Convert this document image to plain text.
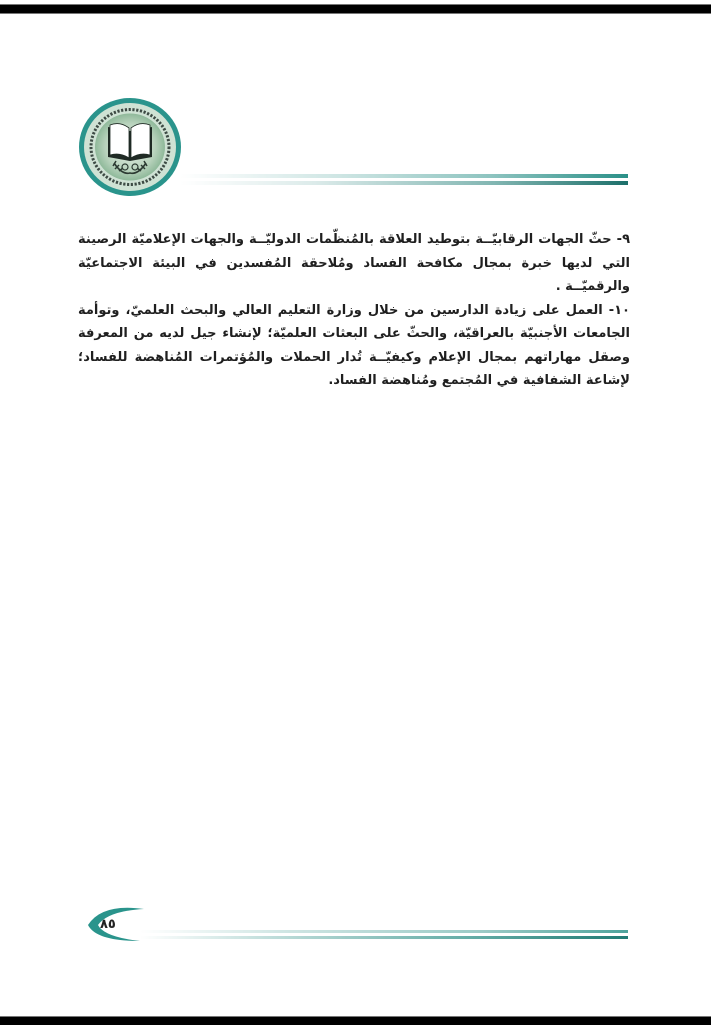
٩- حثّ الجهات الرقابيّــة بتوطيد العلاقة بالمُنظّمات الدوليّــة والجهات الإعلاميّة الرصينة التي لديها خبرة بمجال مكافحة الفساد ومُلاحقة المُفسدين في البيئة الاجتماعيّة والرقميّــة .

١٠- العمل على زيادة الدارسين من خلال وزارة التعليم العالي والبحث العلميّ، وتوأمة الجامعات الأجنبيّة بالعراقيّة، والحثّ على البعثات العلميّة؛ لإنشاء جيل لديه من المعرفة وصقل مهاراتهم بمجال الإعلام وكيفيّــة تُدار الحملات والمُؤتمرات المُناهضة للفساد؛ لإشاعة الشفافية في المُجتمع ومُناهضة الفساد.

٨٥
